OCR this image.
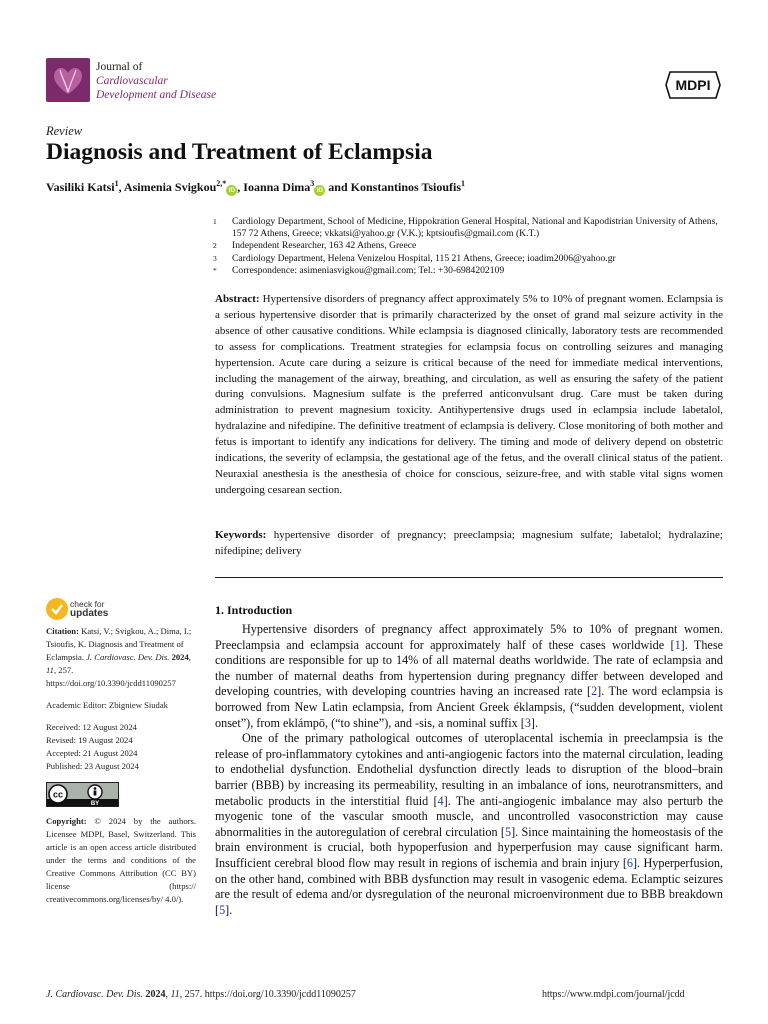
Journal of
Cardiovascular
Development and Disease
MDPI
Review
Diagnosis and Treatment of Eclampsia
Vasiliki Katsi$^1$, Asimenia Svigkou$^{2,*}$iD , Ioanna Dima$^3$iD and Konstantinos Tsioufis$^1$
1	Cardiology Department, School of Medicine, Hippokration General Hospital, National and Kapodistrian University of Athens, 157 72 Athens, Greece; vkkatsi@yahoo.gr (V.K.); kptsioufis@gmail.com (K.T.)
2	Independent Researcher, 163 42 Athens, Greece
3	Cardiology Department, Helena Venizelou Hospital, 115 21 Athens, Greece; ioadim2006@yahoo.gr
*	Correspondence: asimeniasvigkou@gmail.com; Tel.: +30-6984202109
Abstract: Hypertensive disorders of pregnancy affect approximately 5% to 10% of pregnant women. Eclampsia is a serious hypertensive disorder that is primarily characterized by the onset of grand mal seizure activity in the absence of other causative conditions. While eclampsia is diagnosed clinically, laboratory tests are recommended to assess for complications. Treatment strategies for eclampsia focus on controlling seizures and managing hypertension. Acute care during a seizure is critical because of the need for immediate medical interventions, including the management of the airway, breathing, and circulation, as well as ensuring the safety of the patient during convulsions. Magnesium sulfate is the preferred anticonvulsant drug. Care must be taken during administration to prevent magnesium toxicity. Antihypertensive drugs used in eclampsia include labetalol, hydralazine and nifedipine. The definitive treatment of eclampsia is delivery. Close monitoring of both mother and fetus is important to identify any indications for delivery. The timing and mode of delivery depend on obstetric indications, the severity of eclampsia, the gestational age of the fetus, and the overall clinical status of the patient. Neuraxial anesthesia is the anesthesia of choice for conscious, seizure-free, and with stable vital signs women undergoing cesarean section.
Keywords: hypertensive disorder of pregnancy; preeclampsia; magnesium sulfate; labetalol; hydralazine; nifedipine; delivery
check for
updates
Citation: Katsi, V.; Svigkou, A.; Dima, I.; Tsioufis, K. Diagnosis and Treatment of Eclampsia. J. Cardiovasc. Dev. Dis. 2024, 11, 257. https://doi.org/10.3390/jcdd11090257
Academic Editor: Zbigniew Siudak
Received: 12 August 2024
Revised: 19 August 2024
Accepted: 21 August 2024
Published: 23 August 2024
cc
BY
Copyright: © 2024 by the authors. Licensee MDPI, Basel, Switzerland. This article is an open access article distributed under the terms and conditions of the Creative Commons Attribution (CC BY) license (https:// creativecommons.org/licenses/by/ 4.0/).
1. Introduction

Hypertensive disorders of pregnancy affect approximately 5% to 10% of pregnant women. Preeclampsia and eclampsia account for approximately half of these cases worldwide [1]. These conditions are responsible for up to 14% of all maternal deaths worldwide. The rate of eclampsia and the number of maternal deaths from hypertension during pregnancy differ between developed and developing countries, with developing countries having an increased rate [2]. The word eclampsia is borrowed from New Latin eclampsia, from Ancient Greek éklampsis, (“sudden development, violent onset”), from eklámpō, (“to shine”), and -sis, a nominal suffix [3].

One of the primary pathological outcomes of uteroplacental ischemia in preeclampsia is the release of pro-inflammatory cytokines and anti-angiogenic factors into the maternal circulation, leading to endothelial dysfunction. Endothelial dysfunction directly leads to disruption of the blood–brain barrier (BBB) by increasing its permeability, resulting in an imbalance of ions, neurotransmitters, and metabolic products in the interstitial fluid [4]. The anti-angiogenic imbalance may also perturb the myogenic tone of the vascular smooth muscle, and uncontrolled vasoconstriction may cause abnormalities in the autoregulation of cerebral circulation [5]. Since maintaining the homeostasis of the brain environment is crucial, both hypoperfusion and hyperperfusion may cause significant harm. Insufficient cerebral blood flow may result in regions of ischemia and brain injury [6]. Hyperperfusion, on the other hand, combined with BBB dysfunction may result in vasogenic edema. Eclamptic seizures are the result of edema and/or dysregulation of the neuronal microenvironment due to BBB breakdown [5].

J. Cardiovasc. Dev. Dis. 2024, 11, 257. https://doi.org/10.3390/jcdd11090257	https://www.mdpi.com/journal/jcdd
